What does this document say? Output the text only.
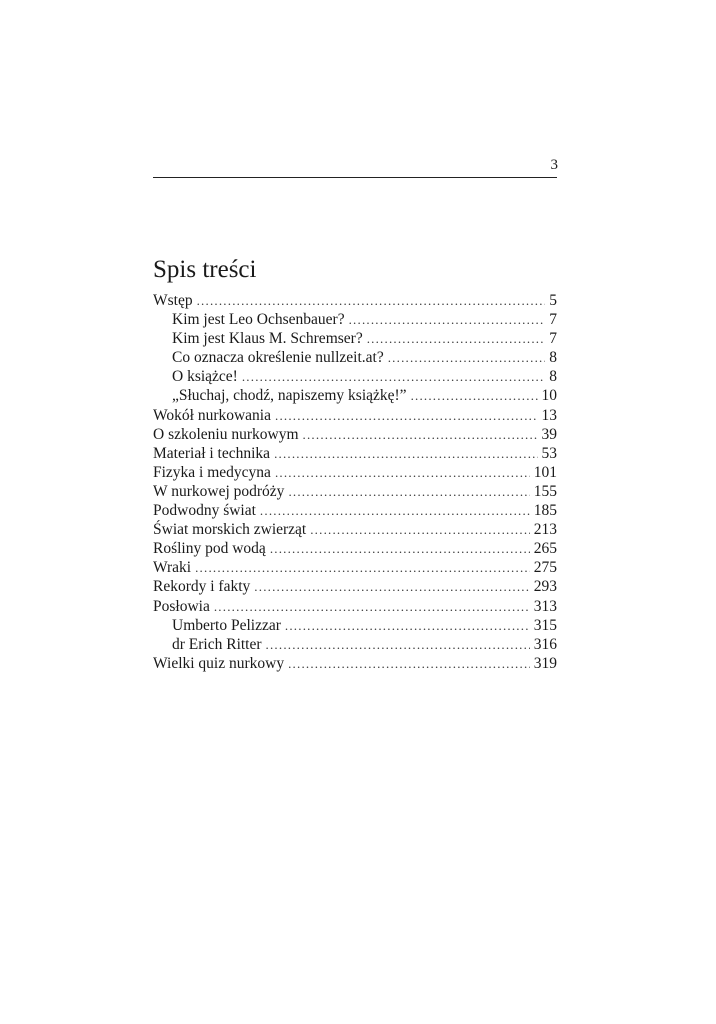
3
Spis treści
Wstęp .....	5
Kim jest Leo Ochsenbauer? .....	7
Kim jest Klaus M. Schremser? .....	7
Co oznacza określenie nullzeit.at? .....	8
O książce! .....	8
„Słuchaj, chodź, napiszemy książkę!” .....	10
Wokół nurkowania .....	13
O szkoleniu nurkowym .....	39
Materiał i technika .....	53
Fizyka i medycyna .....	101
W nurkowej podróży .....	155
Podwodny świat .....	185
Świat morskich zwierząt .....	213
Rośliny pod wodą .....	265
Wraki .....	275
Rekordy i fakty .....	293
Posłowia .....	313
Umberto Pelizzar .....	315
dr Erich Ritter .....	316
Wielki quiz nurkowy .....	319
